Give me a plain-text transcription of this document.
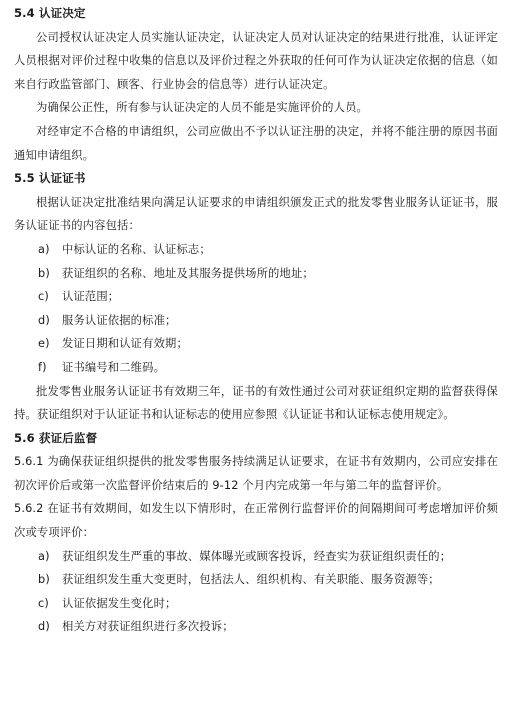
5.4 认证决定

公司授权认证决定人员实施认证决定，认证决定人员对认证决定的结果进行批准，认证评定人员根据对评价过程中收集的信息以及评价过程之外获取的任何可作为认证决定依据的信息（如来自行政监管部门、顾客、行业协会的信息等）进行认证决定。

为确保公正性，所有参与认证决定的人员不能是实施评价的人员。

对经审定不合格的申请组织，公司应做出不予以认证注册的决定，并将不能注册的原因书面通知申请组织。

5.5 认证证书

根据认证决定批准结果向满足认证要求的申请组织颁发正式的批发零售业服务认证证书，服务认证证书的内容包括：

a)	中标认证的名称、认证标志；

b)	获证组织的名称、地址及其服务提供场所的地址；

c)	认证范围；

d)	服务认证依据的标准；

e)	发证日期和认证有效期；

f)	证书编号和二维码。

批发零售业服务认证证书有效期三年，证书的有效性通过公司对获证组织定期的监督获得保持。获证组织对于认证证书和认证标志的使用应参照《认证证书和认证标志使用规定》。

5.6 获证后监督

5.6.1 为确保获证组织提供的批发零售服务持续满足认证要求，在证书有效期内，公司应安排在初次评价后或第一次监督评价结束后的 9-12 个月内完成第一年与第二年的监督评价。

5.6.2 在证书有效期间，如发生以下情形时，在正常例行监督评价的间隔期间可考虑增加评价频次或专项评价：

a)	获证组织发生严重的事故、媒体曝光或顾客投诉，经查实为获证组织责任的；

b)	获证组织发生重大变更时，包括法人、组织机构、有关职能、服务资源等；

c)	认证依据发生变化时；

d)	相关方对获证组织进行多次投诉；
